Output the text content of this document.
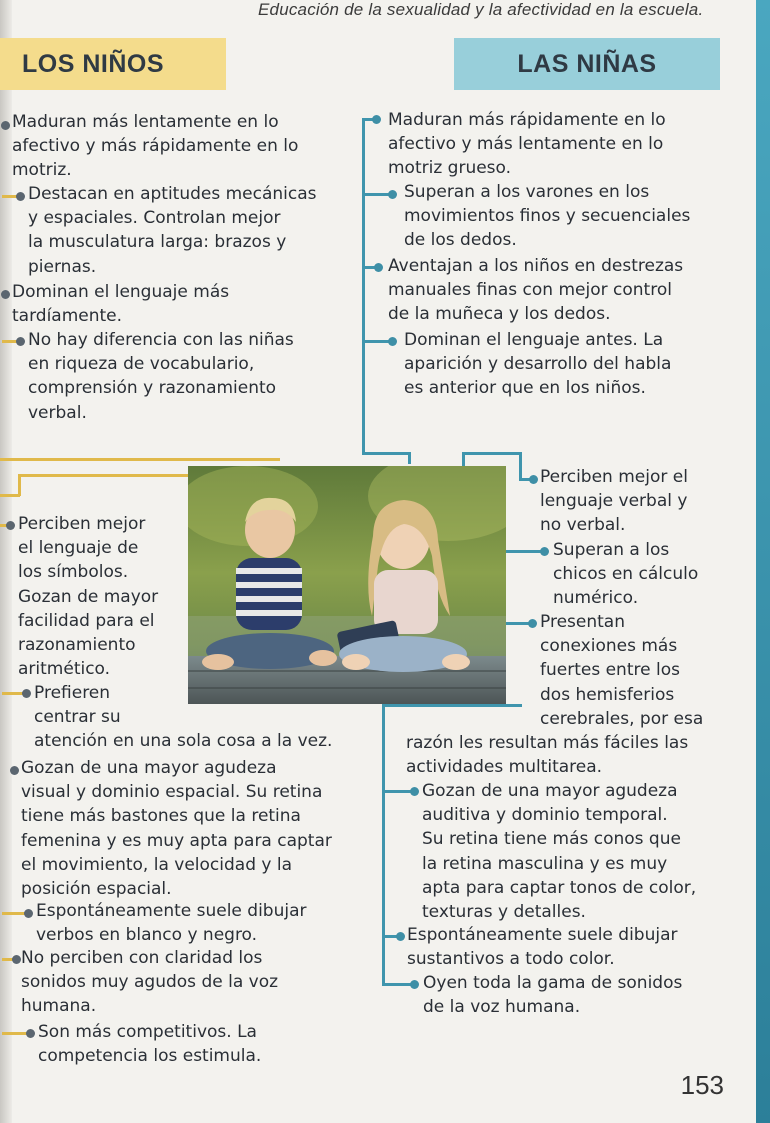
Educación de la sexualidad y la afectividad en la escuela.
LOS NIÑOS	LAS NIÑAS
Maduran más lentamente en lo
afectivo y más rápidamente en lo
motriz.
Destacan en aptitudes mecánicas
y espaciales. Controlan mejor
la musculatura larga: brazos y
piernas.
Dominan el lenguaje más
tardíamente.
No hay diferencia con las niñas
en riqueza de vocabulario,
comprensión y razonamiento
verbal.
Maduran más rápidamente en lo
afectivo y más lentamente en lo
motriz grueso.
Superan a los varones en los
movimientos finos y secuenciales
de los dedos.
Aventajan a los niños en destrezas
manuales finas con mejor control
de la muñeca y los dedos.
Dominan el lenguaje antes. La
aparición y desarrollo del habla
es anterior que en los niños.
Perciben mejor
el lenguaje de
los símbolos.
Gozan de mayor
facilidad para el
razonamiento
aritmético.
Prefieren
centrar su
atención en una sola cosa a la vez.
Perciben mejor el
lenguaje verbal y
no verbal.
Superan a los
chicos en cálculo
numérico.
Presentan
conexiones más
fuertes entre los
dos hemisferios
cerebrales, por esa
razón les resultan más fáciles las
actividades multitarea.
Gozan de una mayor agudeza
visual y dominio espacial. Su retina
tiene más bastones que la retina
femenina y es muy apta para captar
el movimiento, la velocidad y la
posición espacial.
Espontáneamente suele dibujar
verbos en blanco y negro.
No perciben con claridad los
sonidos muy agudos de la voz
humana.
Son más competitivos. La
competencia los estimula.
Gozan de una mayor agudeza
auditiva y dominio temporal.
Su retina tiene más conos que
la retina masculina y es muy
apta para captar tonos de color,
texturas y detalles.
Espontáneamente suele dibujar
sustantivos a todo color.
Oyen toda la gama de sonidos
de la voz humana.
153
